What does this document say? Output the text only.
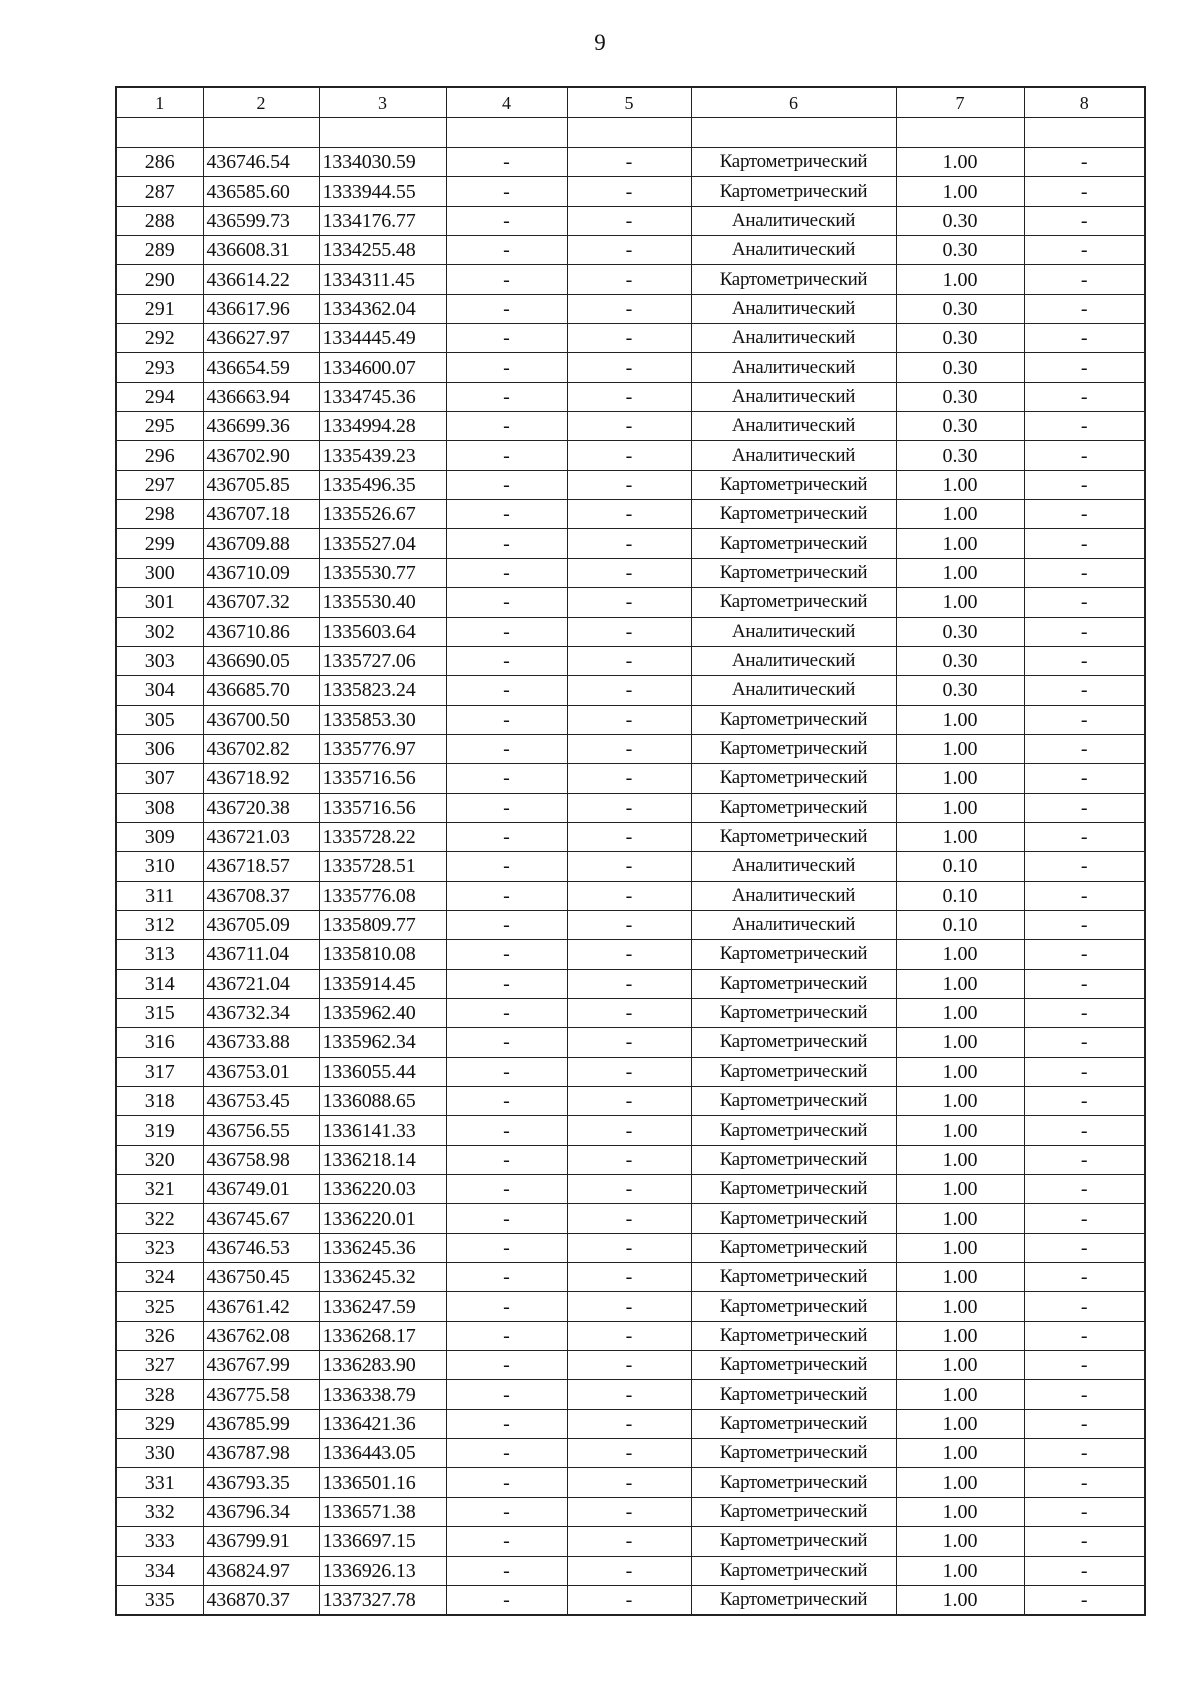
9
1	2	3	4	5	6	7	8

286	436746.54	1334030.59	-	-	Картометрический	1.00	-
287	436585.60	1333944.55	-	-	Картометрический	1.00	-
288	436599.73	1334176.77	-	-	Аналитический	0.30	-
289	436608.31	1334255.48	-	-	Аналитический	0.30	-
290	436614.22	1334311.45	-	-	Картометрический	1.00	-
291	436617.96	1334362.04	-	-	Аналитический	0.30	-
292	436627.97	1334445.49	-	-	Аналитический	0.30	-
293	436654.59	1334600.07	-	-	Аналитический	0.30	-
294	436663.94	1334745.36	-	-	Аналитический	0.30	-
295	436699.36	1334994.28	-	-	Аналитический	0.30	-
296	436702.90	1335439.23	-	-	Аналитический	0.30	-
297	436705.85	1335496.35	-	-	Картометрический	1.00	-
298	436707.18	1335526.67	-	-	Картометрический	1.00	-
299	436709.88	1335527.04	-	-	Картометрический	1.00	-
300	436710.09	1335530.77	-	-	Картометрический	1.00	-
301	436707.32	1335530.40	-	-	Картометрический	1.00	-
302	436710.86	1335603.64	-	-	Аналитический	0.30	-
303	436690.05	1335727.06	-	-	Аналитический	0.30	-
304	436685.70	1335823.24	-	-	Аналитический	0.30	-
305	436700.50	1335853.30	-	-	Картометрический	1.00	-
306	436702.82	1335776.97	-	-	Картометрический	1.00	-
307	436718.92	1335716.56	-	-	Картометрический	1.00	-
308	436720.38	1335716.56	-	-	Картометрический	1.00	-
309	436721.03	1335728.22	-	-	Картометрический	1.00	-
310	436718.57	1335728.51	-	-	Аналитический	0.10	-
311	436708.37	1335776.08	-	-	Аналитический	0.10	-
312	436705.09	1335809.77	-	-	Аналитический	0.10	-
313	436711.04	1335810.08	-	-	Картометрический	1.00	-
314	436721.04	1335914.45	-	-	Картометрический	1.00	-
315	436732.34	1335962.40	-	-	Картометрический	1.00	-
316	436733.88	1335962.34	-	-	Картометрический	1.00	-
317	436753.01	1336055.44	-	-	Картометрический	1.00	-
318	436753.45	1336088.65	-	-	Картометрический	1.00	-
319	436756.55	1336141.33	-	-	Картометрический	1.00	-
320	436758.98	1336218.14	-	-	Картометрический	1.00	-
321	436749.01	1336220.03	-	-	Картометрический	1.00	-
322	436745.67	1336220.01	-	-	Картометрический	1.00	-
323	436746.53	1336245.36	-	-	Картометрический	1.00	-
324	436750.45	1336245.32	-	-	Картометрический	1.00	-
325	436761.42	1336247.59	-	-	Картометрический	1.00	-
326	436762.08	1336268.17	-	-	Картометрический	1.00	-
327	436767.99	1336283.90	-	-	Картометрический	1.00	-
328	436775.58	1336338.79	-	-	Картометрический	1.00	-
329	436785.99	1336421.36	-	-	Картометрический	1.00	-
330	436787.98	1336443.05	-	-	Картометрический	1.00	-
331	436793.35	1336501.16	-	-	Картометрический	1.00	-
332	436796.34	1336571.38	-	-	Картометрический	1.00	-
333	436799.91	1336697.15	-	-	Картометрический	1.00	-
334	436824.97	1336926.13	-	-	Картометрический	1.00	-
335	436870.37	1337327.78	-	-	Картометрический	1.00	-
